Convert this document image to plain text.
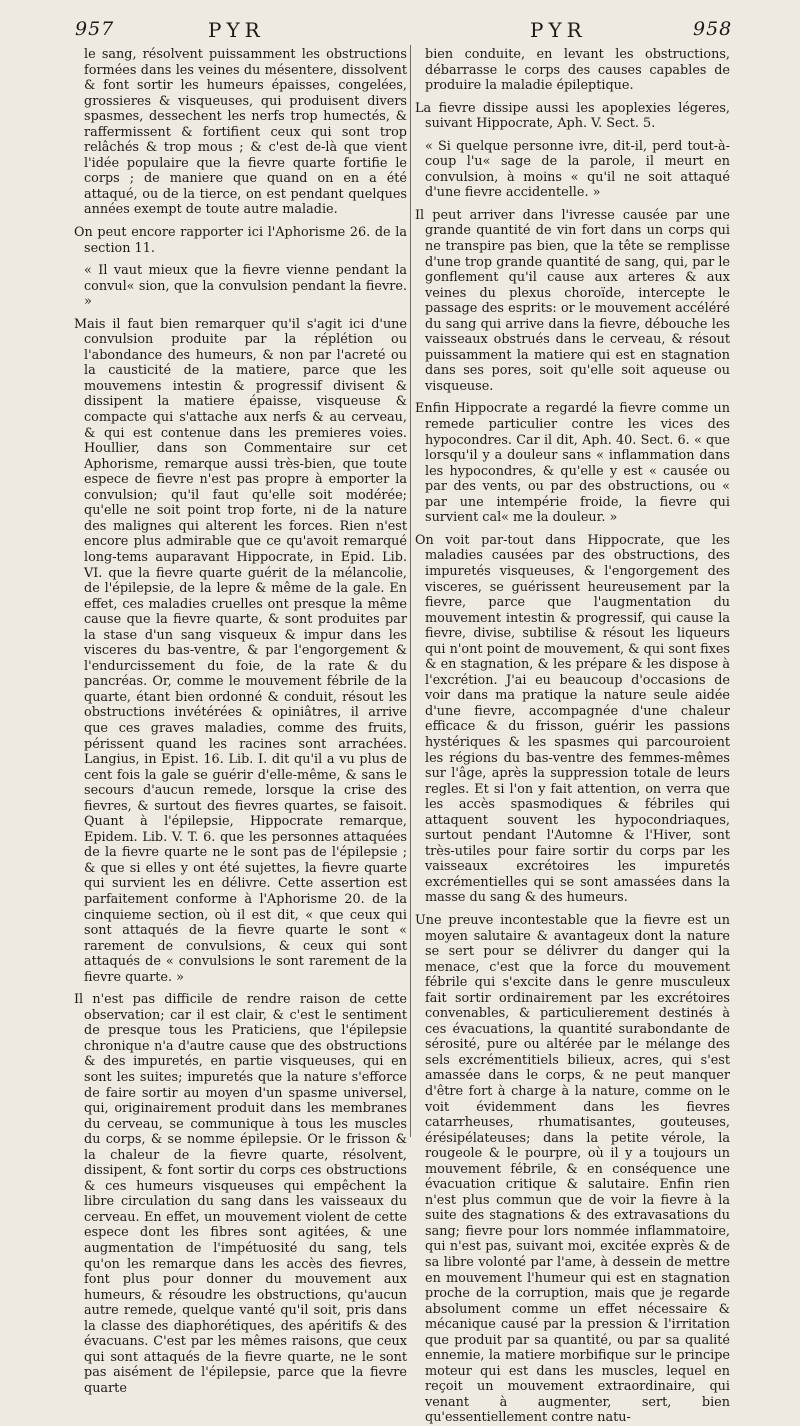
957	PYR	PYR	958

le sang, résolvent puissamment les obstructions formées dans les veines du mésentere, dissolvent & font sortir les humeurs épaisses, congelées, grossieres & visqueuses, qui produisent divers spasmes, dessechent les nerfs trop humectés, & raffermissent & fortifient ceux qui sont trop relâchés & trop mous ; & c'est de-là que vient l'idée populaire que la fievre quarte fortifie le corps ; de maniere que quand on en a été attaqué, ou de la tierce, on est pendant quelques années exempt de toute autre maladie.

On peut encore rapporter ici l'Aphorisme 26. de la section 11.

« Il vaut mieux que la fievre vienne pendant la convul« sion, que la convulsion pendant la fievre. »

Mais il faut bien remarquer qu'il s'agit ici d'une convulsion produite par la réplétion ou l'abondance des humeurs, & non par l'acreté ou la causticité de la matiere, parce que les mouvemens intestin & progressif divisent & dissipent la matiere épaisse, visqueuse & compacte qui s'attache aux nerfs & au cerveau, & qui est contenue dans les premieres voies. Houllier, dans son Commentaire sur cet Aphorisme, remarque aussi très-bien, que toute espece de fievre n'est pas propre à emporter la convulsion; qu'il faut qu'elle soit modérée; qu'elle ne soit point trop forte, ni de la nature des malignes qui alterent les forces. Rien n'est encore plus admirable que ce qu'avoit remarqué long-tems auparavant Hippocrate, in Epid. Lib. VI. que la fievre quarte guérit de la mélancolie, de l'épilepsie, de la lepre & même de la gale. En effet, ces maladies cruelles ont presque la même cause que la fievre quarte, & sont produites par la stase d'un sang visqueux & impur dans les visceres du bas-ventre, & par l'engorgement & l'endurcissement du foie, de la rate & du pancréas. Or, comme le mouvement fébrile de la quarte, étant bien ordonné & conduit, résout les obstructions invétérées & opiniâtres, il arrive que ces graves maladies, comme des fruits, périssent quand les racines sont arrachées. Langius, in Epist. 16. Lib. I. dit qu'il a vu plus de cent fois la gale se guérir d'elle-même, & sans le secours d'aucun remede, lorsque la crise des fievres, & surtout des fievres quartes, se faisoit. Quant à l'épilepsie, Hippocrate remarque, Epidem. Lib. V. T. 6. que les personnes attaquées de la fievre quarte ne le sont pas de l'épilepsie ; & que si elles y ont été sujettes, la fievre quarte qui survient les en délivre. Cette assertion est parfaitement conforme à l'Aphorisme 20. de la cinquieme section, où il est dit, « que ceux qui sont attaqués de la fievre quarte le sont « rarement de convulsions, & ceux qui sont attaqués de « convulsions le sont rarement de la fievre quarte. »

Il n'est pas difficile de rendre raison de cette observation; car il est clair, & c'est le sentiment de presque tous les Praticiens, que l'épilepsie chronique n'a d'autre cause que des obstructions & des impuretés, en partie visqueuses, qui en sont les suites; impuretés que la nature s'efforce de faire sortir au moyen d'un spasme universel, qui, originairement produit dans les membranes du cerveau, se communique à tous les muscles du corps, & se nomme épilepsie. Or le frisson & la chaleur de la fievre quarte, résolvent, dissipent, & font sortir du corps ces obstructions & ces humeurs visqueuses qui empêchent la libre circulation du sang dans les vaisseaux du cerveau. En effet, un mouvement violent de cette espece dont les fibres sont agitées, & une augmentation de l'impétuosité du sang, tels qu'on les remarque dans les accès des fievres, font plus pour donner du mouvement aux humeurs, & résoudre les obstructions, qu'aucun autre remede, quelque vanté qu'il soit, pris dans la classe des diaphorétiques, des apéritifs & des évacuans. C'est par les mêmes raisons, que ceux qui sont attaqués de la fievre quarte, ne le sont pas aisément de l'épilepsie, parce que la fievre quarte

bien conduite, en levant les obstructions, débarrasse le corps des causes capables de produire la maladie épileptique.

La fievre dissipe aussi les apoplexies légeres, suivant Hippocrate, Aph. V. Sect. 5.

« Si quelque personne ivre, dit-il, perd tout-à-coup l'u« sage de la parole, il meurt en convulsion, à moins « qu'il ne soit attaqué d'une fievre accidentelle. »

Il peut arriver dans l'ivresse causée par une grande quantité de vin fort dans un corps qui ne transpire pas bien, que la tête se remplisse d'une trop grande quantité de sang, qui, par le gonflement qu'il cause aux arteres & aux veines du plexus choroïde, intercepte le passage des esprits: or le mouvement accéléré du sang qui arrive dans la fievre, débouche les vaisseaux obstrués dans le cerveau, & résout puissamment la matiere qui est en stagnation dans ses pores, soit qu'elle soit aqueuse ou visqueuse.

Enfin Hippocrate a regardé la fievre comme un remede particulier contre les vices des hypocondres. Car il dit, Aph. 40. Sect. 6. « que lorsqu'il y a douleur sans « inflammation dans les hypocondres, & qu'elle y est « causée ou par des vents, ou par des obstructions, ou « par une intempérie froide, la fievre qui survient cal« me la douleur. »

On voit par-tout dans Hippocrate, que les maladies causées par des obstructions, des impuretés visqueuses, & l'engorgement des visceres, se guérissent heureusement par la fievre, parce que l'augmentation du mouvement intestin & progressif, qui cause la fievre, divise, subtilise & résout les liqueurs qui n'ont point de mouvement, & qui sont fixes & en stagnation, & les prépare & les dispose à l'excrétion. J'ai eu beaucoup d'occasions de voir dans ma pratique la nature seule aidée d'une fievre, accompagnée d'une chaleur efficace & du frisson, guérir les passions hystériques & les spasmes qui parcouroient les régions du bas-ventre des femmes-mêmes sur l'âge, après la suppression totale de leurs regles. Et si l'on y fait attention, on verra que les accès spasmodiques & fébriles qui attaquent souvent les hypocondriaques, surtout pendant l'Automne & l'Hiver, sont très-utiles pour faire sortir du corps par les vaisseaux excrétoires les impuretés excrémentielles qui se sont amassées dans la masse du sang & des humeurs.

Une preuve incontestable que la fievre est un moyen salutaire & avantageux dont la nature se sert pour se délivrer du danger qui la menace, c'est que la force du mouvement fébrile qui s'excite dans le genre musculeux fait sortir ordinairement par les excrétoires convenables, & particulierement destinés à ces évacuations, la quantité surabondante de sérosité, pure ou altérée par le mélange des sels excrémentitiels bilieux, acres, qui s'est amassée dans le corps, & ne peut manquer d'être fort à charge à la nature, comme on le voit évidemment dans les fievres catarrheuses, rhumatisantes, gouteuses, érésipélateuses; dans la petite vérole, la rougeole & le pourpre, où il y a toujours un mouvement fébrile, & en conséquence une évacuation critique & salutaire. Enfin rien n'est plus commun que de voir la fievre à la suite des stagnations & des extravasations du sang; fievre pour lors nommée inflammatoire, qui n'est pas, suivant moi, excitée exprès & de sa libre volonté par l'ame, à dessein de mettre en mouvement l'humeur qui est en stagnation proche de la corruption, mais que je regarde absolument comme un effet nécessaire & mécanique causé par la pression & l'irritation que produit par sa quantité, ou par sa qualité ennemie, la matiere morbifique sur le principe moteur qui est dans les muscles, lequel en reçoit un mouvement extraordinaire, qui venant à augmenter, sert, bien qu'essentiellement contre natu-
